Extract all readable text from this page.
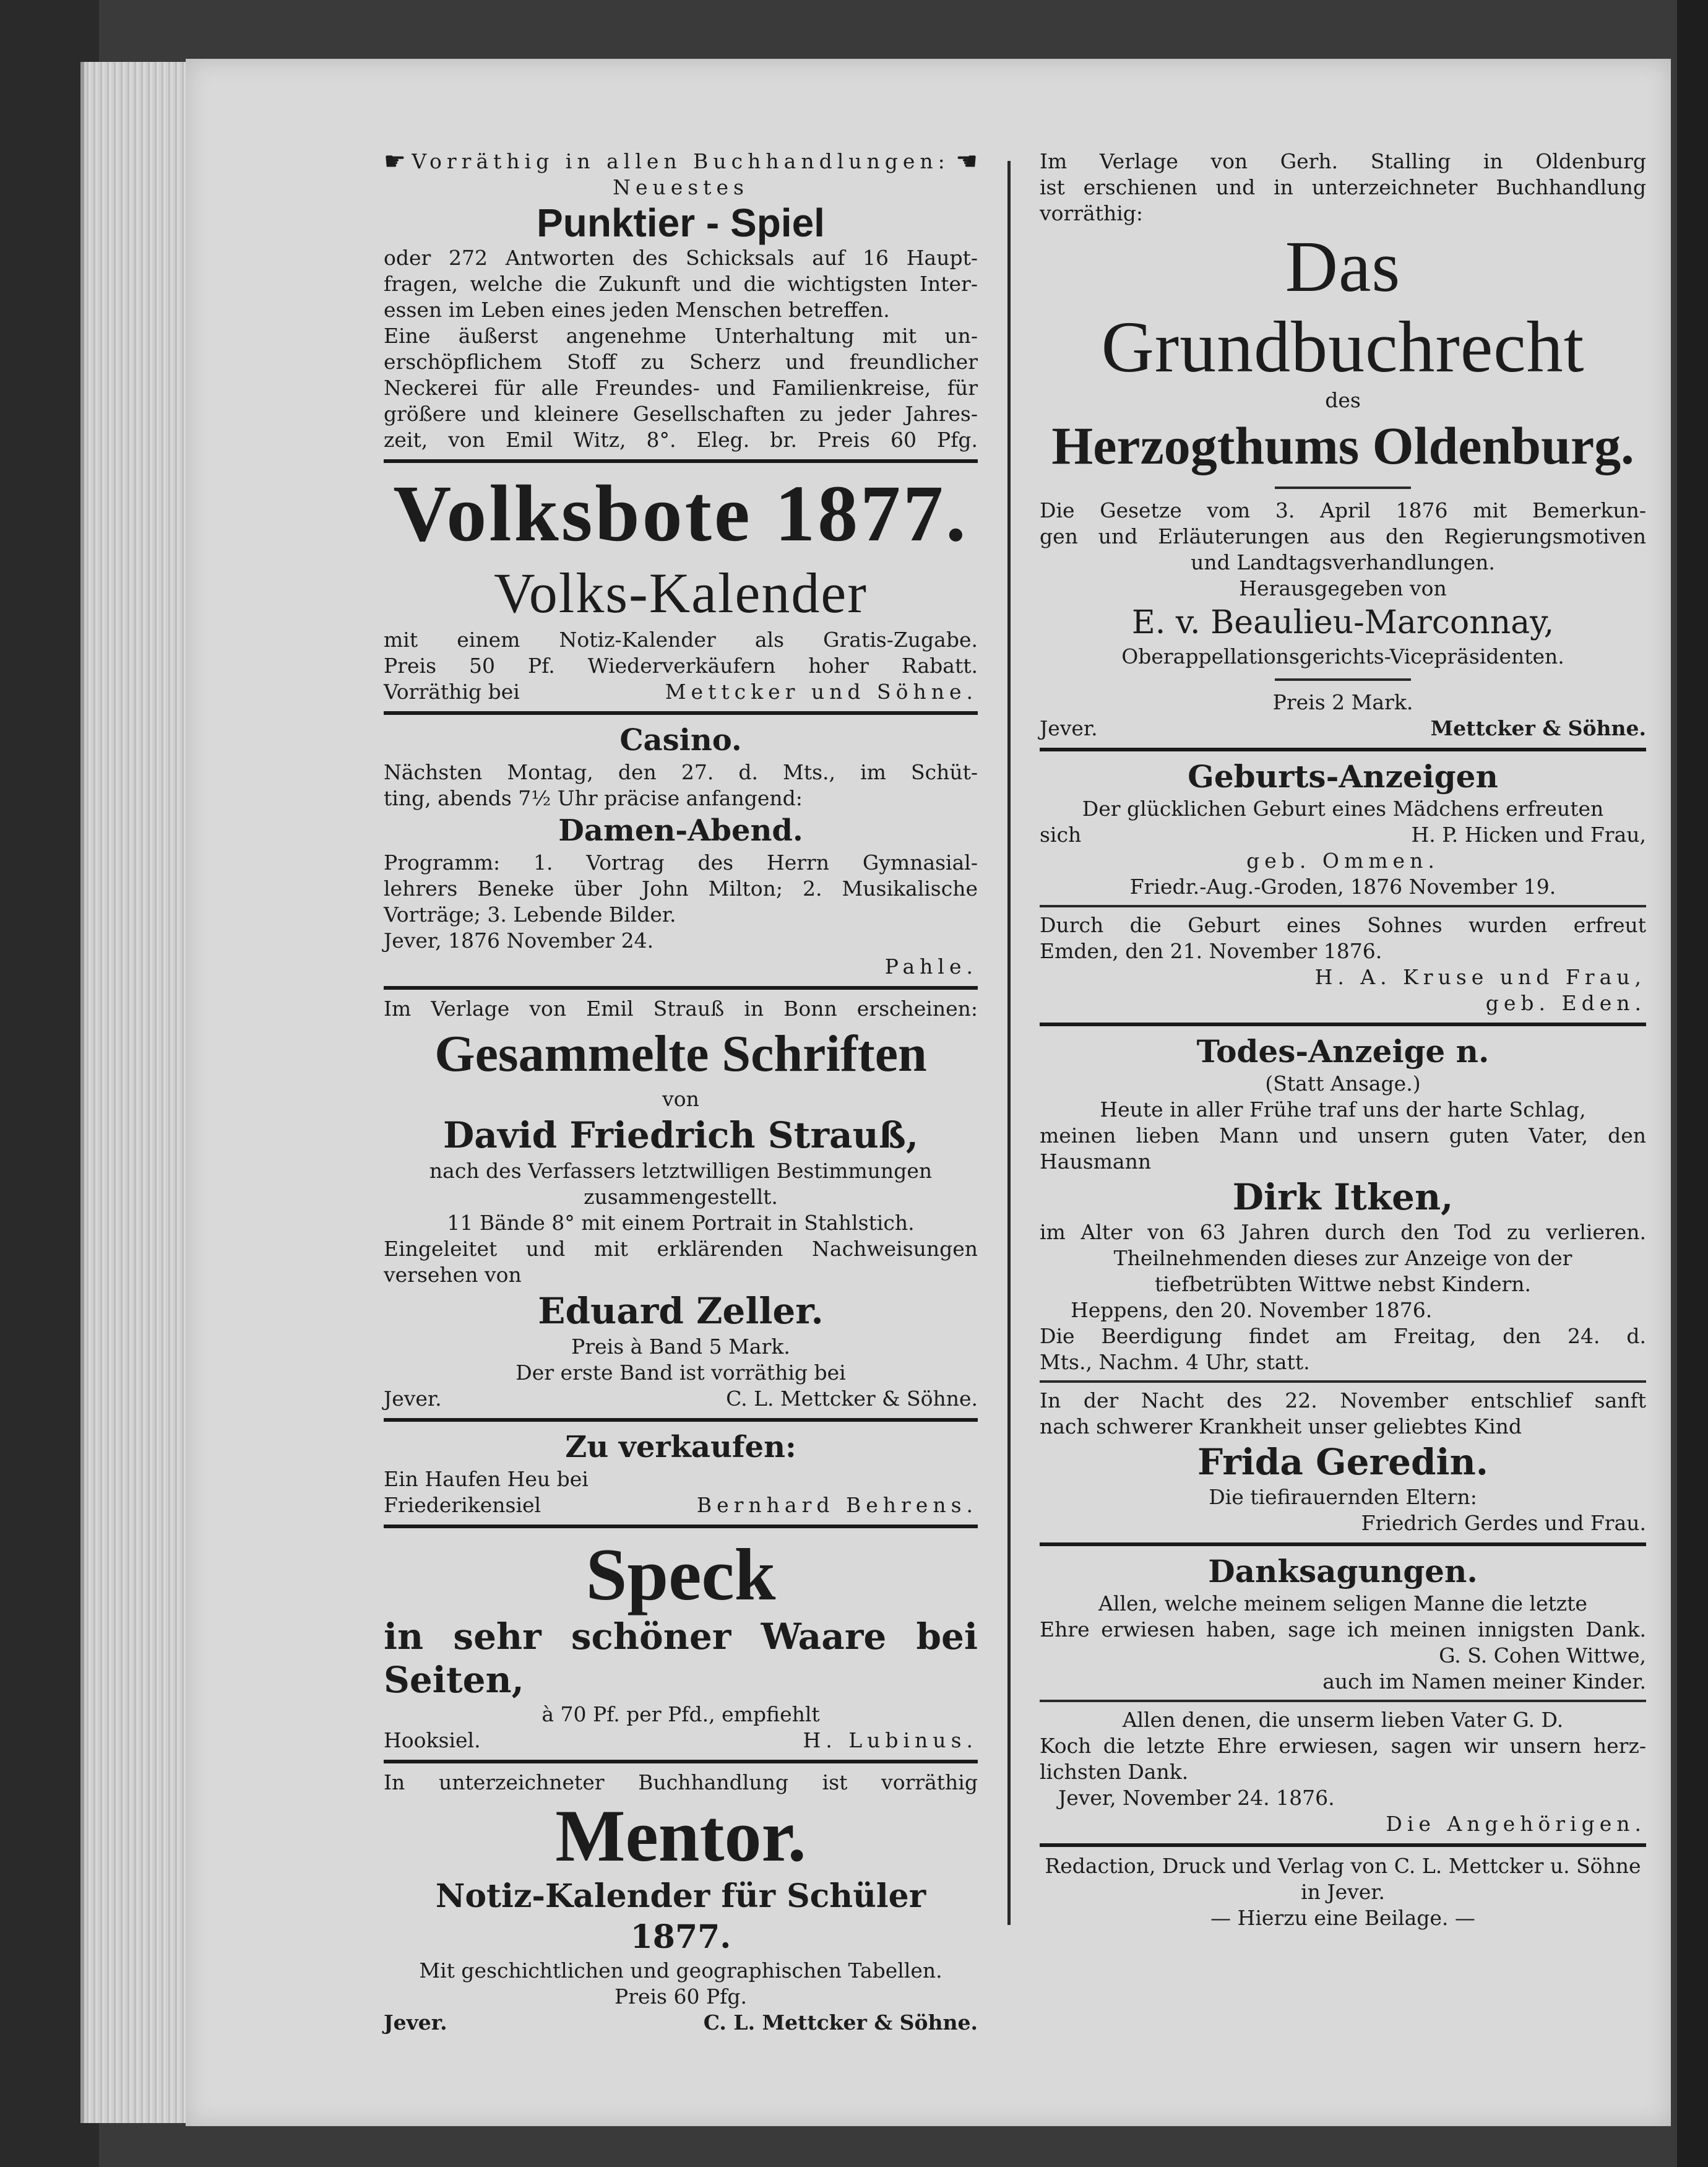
☛ Vorräthig in allen Buchhandlungen: ☚

Neuestes

Punktier - Spiel

oder 272 Antworten des Schicksals auf 16 Haupt-

fragen, welche die Zukunft und die wichtigsten Inter-

essen im Leben eines jeden Menschen betreffen.

Eine äußerst angenehme Unterhaltung mit un-

erschöpflichem Stoff zu Scherz und freundlicher

Neckerei für alle Freundes- und Familienkreise, für

größere und kleinere Gesellschaften zu jeder Jahres-

zeit, von Emil Witz, 8°. Eleg. br. Preis 60 Pfg.

Volksbote 1877.

Volks-Kalender

mit einem Notiz-Kalender als Gratis-Zugabe.

Preis 50 Pf. Wiederverkäufern hoher Rabatt.

Vorräthig bei	Mettcker und Söhne.

Casino.

Nächsten Montag, den 27. d. Mts., im Schüt-

ting, abends 7½ Uhr präcise anfangend:

Damen-Abend.

Programm: 1. Vortrag des Herrn Gymnasial-

lehrers Beneke über John Milton; 2. Musikalische

Vorträge; 3. Lebende Bilder.

Jever, 1876 November 24.

Pahle.

Im Verlage von Emil Strauß in Bonn erscheinen:

Gesammelte Schriften

von

David Friedrich Strauß,

nach des Verfassers letztwilligen Bestimmungen

zusammengestellt.

11 Bände 8° mit einem Portrait in Stahlstich.

Eingeleitet und mit erklärenden Nachweisungen

versehen von

Eduard Zeller.

Preis à Band 5 Mark.

Der erste Band ist vorräthig bei

Jever.	C. L. Mettcker & Söhne.

Zu verkaufen:

Ein Haufen Heu bei

Friederikensiel	Bernhard Behrens.

Speck

in sehr schöner Waare bei Seiten,

à 70 Pf. per Pfd., empfiehlt

Hooksiel.	H. Lubinus.

In unterzeichneter Buchhandlung ist vorräthig

Mentor.

Notiz-Kalender für Schüler 1877.

Mit geschichtlichen und geographischen Tabellen.

Preis 60 Pfg.

Jever.	C. L. Mettcker & Söhne.

Im Verlage von Gerh. Stalling in Oldenburg

ist erschienen und in unterzeichneter Buchhandlung

vorräthig:

Das Grundbuchrecht

des

Herzogthums Oldenburg.

Die Gesetze vom 3. April 1876 mit Bemerkun-

gen und Erläuterungen aus den Regierungsmotiven

und Landtagsverhandlungen.

Herausgegeben von

E. v. Beaulieu-Marconnay,

Oberappellationsgerichts-Vicepräsidenten.

Preis 2 Mark.

Jever.	Mettcker & Söhne.

Geburts-Anzeigen

Der glücklichen Geburt eines Mädchens erfreuten

sich	H. P. Hicken und Frau,

geb. Ommen.

Friedr.-Aug.-Groden, 1876 November 19.

Durch die Geburt eines Sohnes wurden erfreut

Emden, den 21. November 1876.

H. A. Kruse und Frau,

geb. Eden.

Todes-Anzeige n.

(Statt Ansage.)

Heute in aller Frühe traf uns der harte Schlag,

meinen lieben Mann und unsern guten Vater, den

Hausmann

Dirk Itken,

im Alter von 63 Jahren durch den Tod zu verlieren.

Theilnehmenden dieses zur Anzeige von der

tiefbetrübten Wittwe nebst Kindern.

Heppens, den 20. November 1876.

Die Beerdigung findet am Freitag, den 24. d.

Mts., Nachm. 4 Uhr, statt.

In der Nacht des 22. November entschlief sanft

nach schwerer Krankheit unser geliebtes Kind

Frida Geredin.

Die tiefirauernden Eltern:

Friedrich Gerdes und Frau.

Danksagungen.

Allen, welche meinem seligen Manne die letzte

Ehre erwiesen haben, sage ich meinen innigsten Dank.

G. S. Cohen Wittwe,

auch im Namen meiner Kinder.

Allen denen, die unserm lieben Vater G. D.

Koch die letzte Ehre erwiesen, sagen wir unsern herz-

lichsten Dank.

Jever, November 24. 1876.

Die Angehörigen.

Redaction, Druck und Verlag von C. L. Mettcker u. Söhne in Jever.

— Hierzu eine Beilage. —
